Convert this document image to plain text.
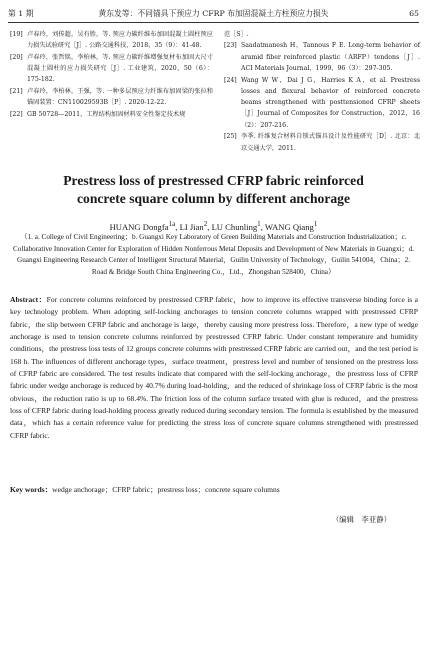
第 1 期	黄东发等：不同锚具下预应力 CFRP 布加固混凝土方柱预应力损失	65
[19] 卢春玲，刘传超，吴有胜，等. 预应力碳纤维布加固混凝土圆柱预应力损失试验研究［J］. 公路交通科技，2018，35（9）：41-48.
[20] 卢春玲，张哲铭，李柏林，等. 预应力碳纤维增强复材布加固大尺寸混凝土圆柱的应力损失研究［J］. 工业建筑，2020，50（6）：175-182.
[21] 卢春玲，李柏林，王强，等. 一种多层预应力纤维布加固梁的张拉和锚固装置：CN110029593B［P］. 2020-12-22.
[22] GB 50728—2011，工程结构加固材料安全性鉴定技术规
范［S］.
[23] Saadatmanesh H，Tannous F E. Long-term behavior of aramid fiber reinforced plastic（ARFP）tendons［J］. ACI Materials Journal，1999，96（3）：297-305.
[24] Wang W W，Dai J G，Harries K A，et al. Prestress losses and flexural behavior of reinforced concrete beams strengthened with posttensioned CFRP sheets［J］Journal of Composites for Construction，2012，16（2）：207-216.
[25] 李季. 纤维复合材料自锁式锚具设计及性能研究［D］. 北京：北京交通大学，2011.
Prestress loss of prestressed CFRP fabric reinforced
concrete square column by different anchorage
HUANG Dongfa$^{1a}$, LI Jian$^2$, LU Chunling$^1$, WANG Qiang$^1$
（1. a. College of Civil Engineering；b. Guangxi Key Laboratory of Green Building Materials and Construction Industrialization；c. Collaborative Innovation Center for Exploration of Hidden Nonferrous Metal Deposits and Development of New Materials in Guangxi；d. Guangxi Engineering Research Center of Intelligent Structural Material，Guilin University of Technology，Guilin 541004，China；2. Road & Bridge South China Engineering Co.，Ltd.，Zhongshan 528400，China）
Abstract：For concrete columns reinforced by prestressed CFRP fabric，how to improve its effective transverse binding force is a key technology problem. When adopting self-locking anchorages to tension concrete columns wrapped with prestressed CFRP fabric，the slip between CFRP fabric and anchorage is large，thereby causing more prestress loss. Therefore，a new type of wedge anchorage is used to tension concrete columns reinforced by prestressed CFRP fabric. Under constant temperature and humidity conditions，the prestress loss tests of 12 groups concrete columns with prestressed CFRP fabric are carried out，and the test period is 168 h. The influences of different anchorage types，surface treatment，prestress level and number of tensioned on the prestress loss of CFRP fabric are considered. The test results indicate that compared with the self-locking anchorage，the prestress loss of CFRP fabric under wedge anchorage is reduced by 40.7% during load-holding，and the reduced of shrinkage loss of CFRP fabric is the most obvious，the reduction ratio is up to 68.4%. The friction loss of the column surface treated with glue is reduced，and the prestress loss of CFRP fabric during load-holding process greatly reduced during secondary tension. The formula is established by the measured data，which has a certain reference value for predicting the stress loss of concrete square columns strengthened with prestressed CFRP fabric.
Key words：wedge anchorage；CFRP fabric；prestress loss；concrete square columns
（编辑　李亚静）
